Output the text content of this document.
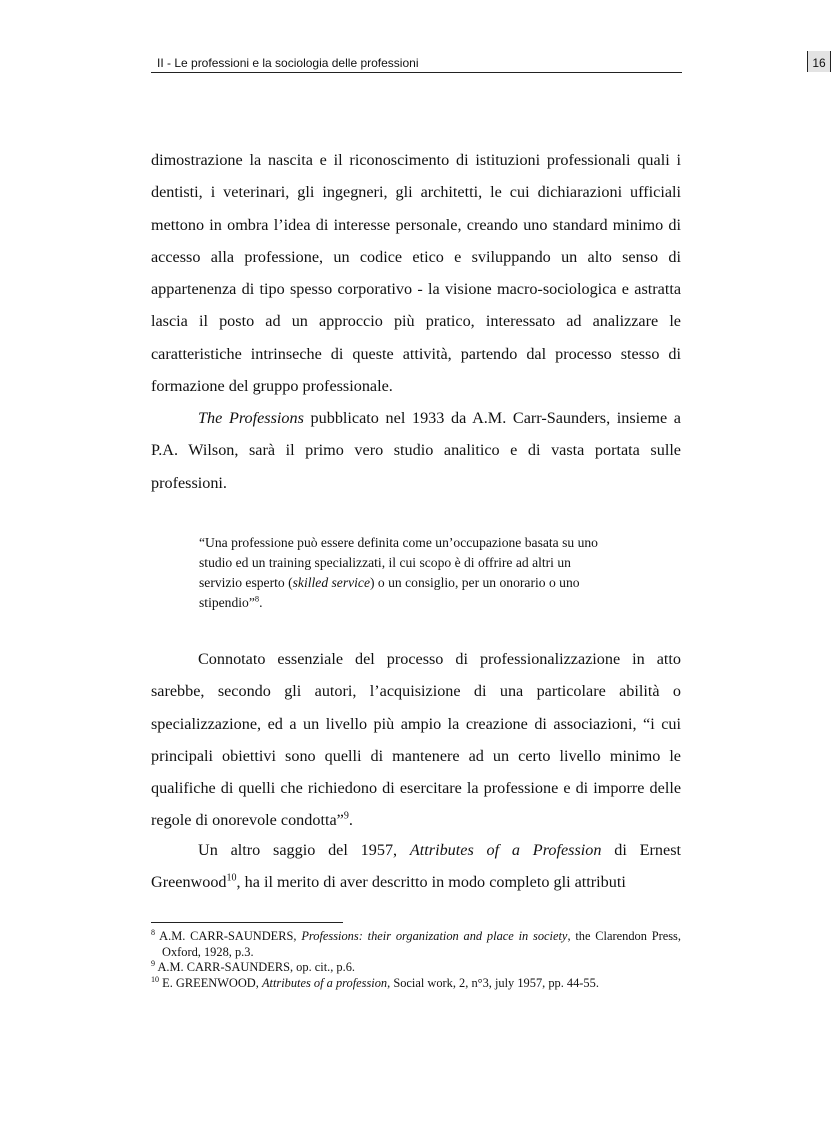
II - Le professioni e la sociologia delle professioni	16

dimostrazione la nascita e il riconoscimento di istituzioni professionali quali i dentisti, i veterinari, gli ingegneri, gli architetti, le cui dichiarazioni ufficiali mettono in ombra l’idea di interesse personale, creando uno standard minimo di accesso alla professione, un codice etico e sviluppando un alto senso di appartenenza di tipo spesso corporativo - la visione macro-sociologica e astratta lascia il posto ad un approccio più pratico, interessato ad analizzare le caratteristiche intrinseche di queste attività, partendo dal processo stesso di formazione del gruppo professionale.

The Professions pubblicato nel 1933 da A.M. Carr-Saunders, insieme a P.A. Wilson, sarà il primo vero studio analitico e di vasta portata sulle professioni.

“Una professione può essere definita come un’occupazione basata su uno studio ed un training specializzati, il cui scopo è di offrire ad altri un servizio esperto (skilled service) o un consiglio, per un onorario o uno stipendio”$^8$.

Connotato essenziale del processo di professionalizzazione in atto sarebbe, secondo gli autori, l’acquisizione di una particolare abilità o specializzazione, ed a un livello più ampio la creazione di associazioni, “i cui principali obiettivi sono quelli di mantenere ad un certo livello minimo le qualifiche di quelli che richiedono di esercitare la professione e di imporre delle regole di onorevole condotta”$^9$.

Un altro saggio del 1957, Attributes of a Profession di Ernest Greenwood$^{10}$, ha il merito di aver descritto in modo completo gli attributi

$^8$ A.M. CARR-SAUNDERS, Professions: their organization and place in society, the Clarendon Press, Oxford, 1928, p.3.

$^9$ A.M. CARR-SAUNDERS, op. cit., p.6.

$^{10}$ E. GREENWOOD, Attributes of a profession, Social work, 2, n°3, july 1957, pp. 44-55.
